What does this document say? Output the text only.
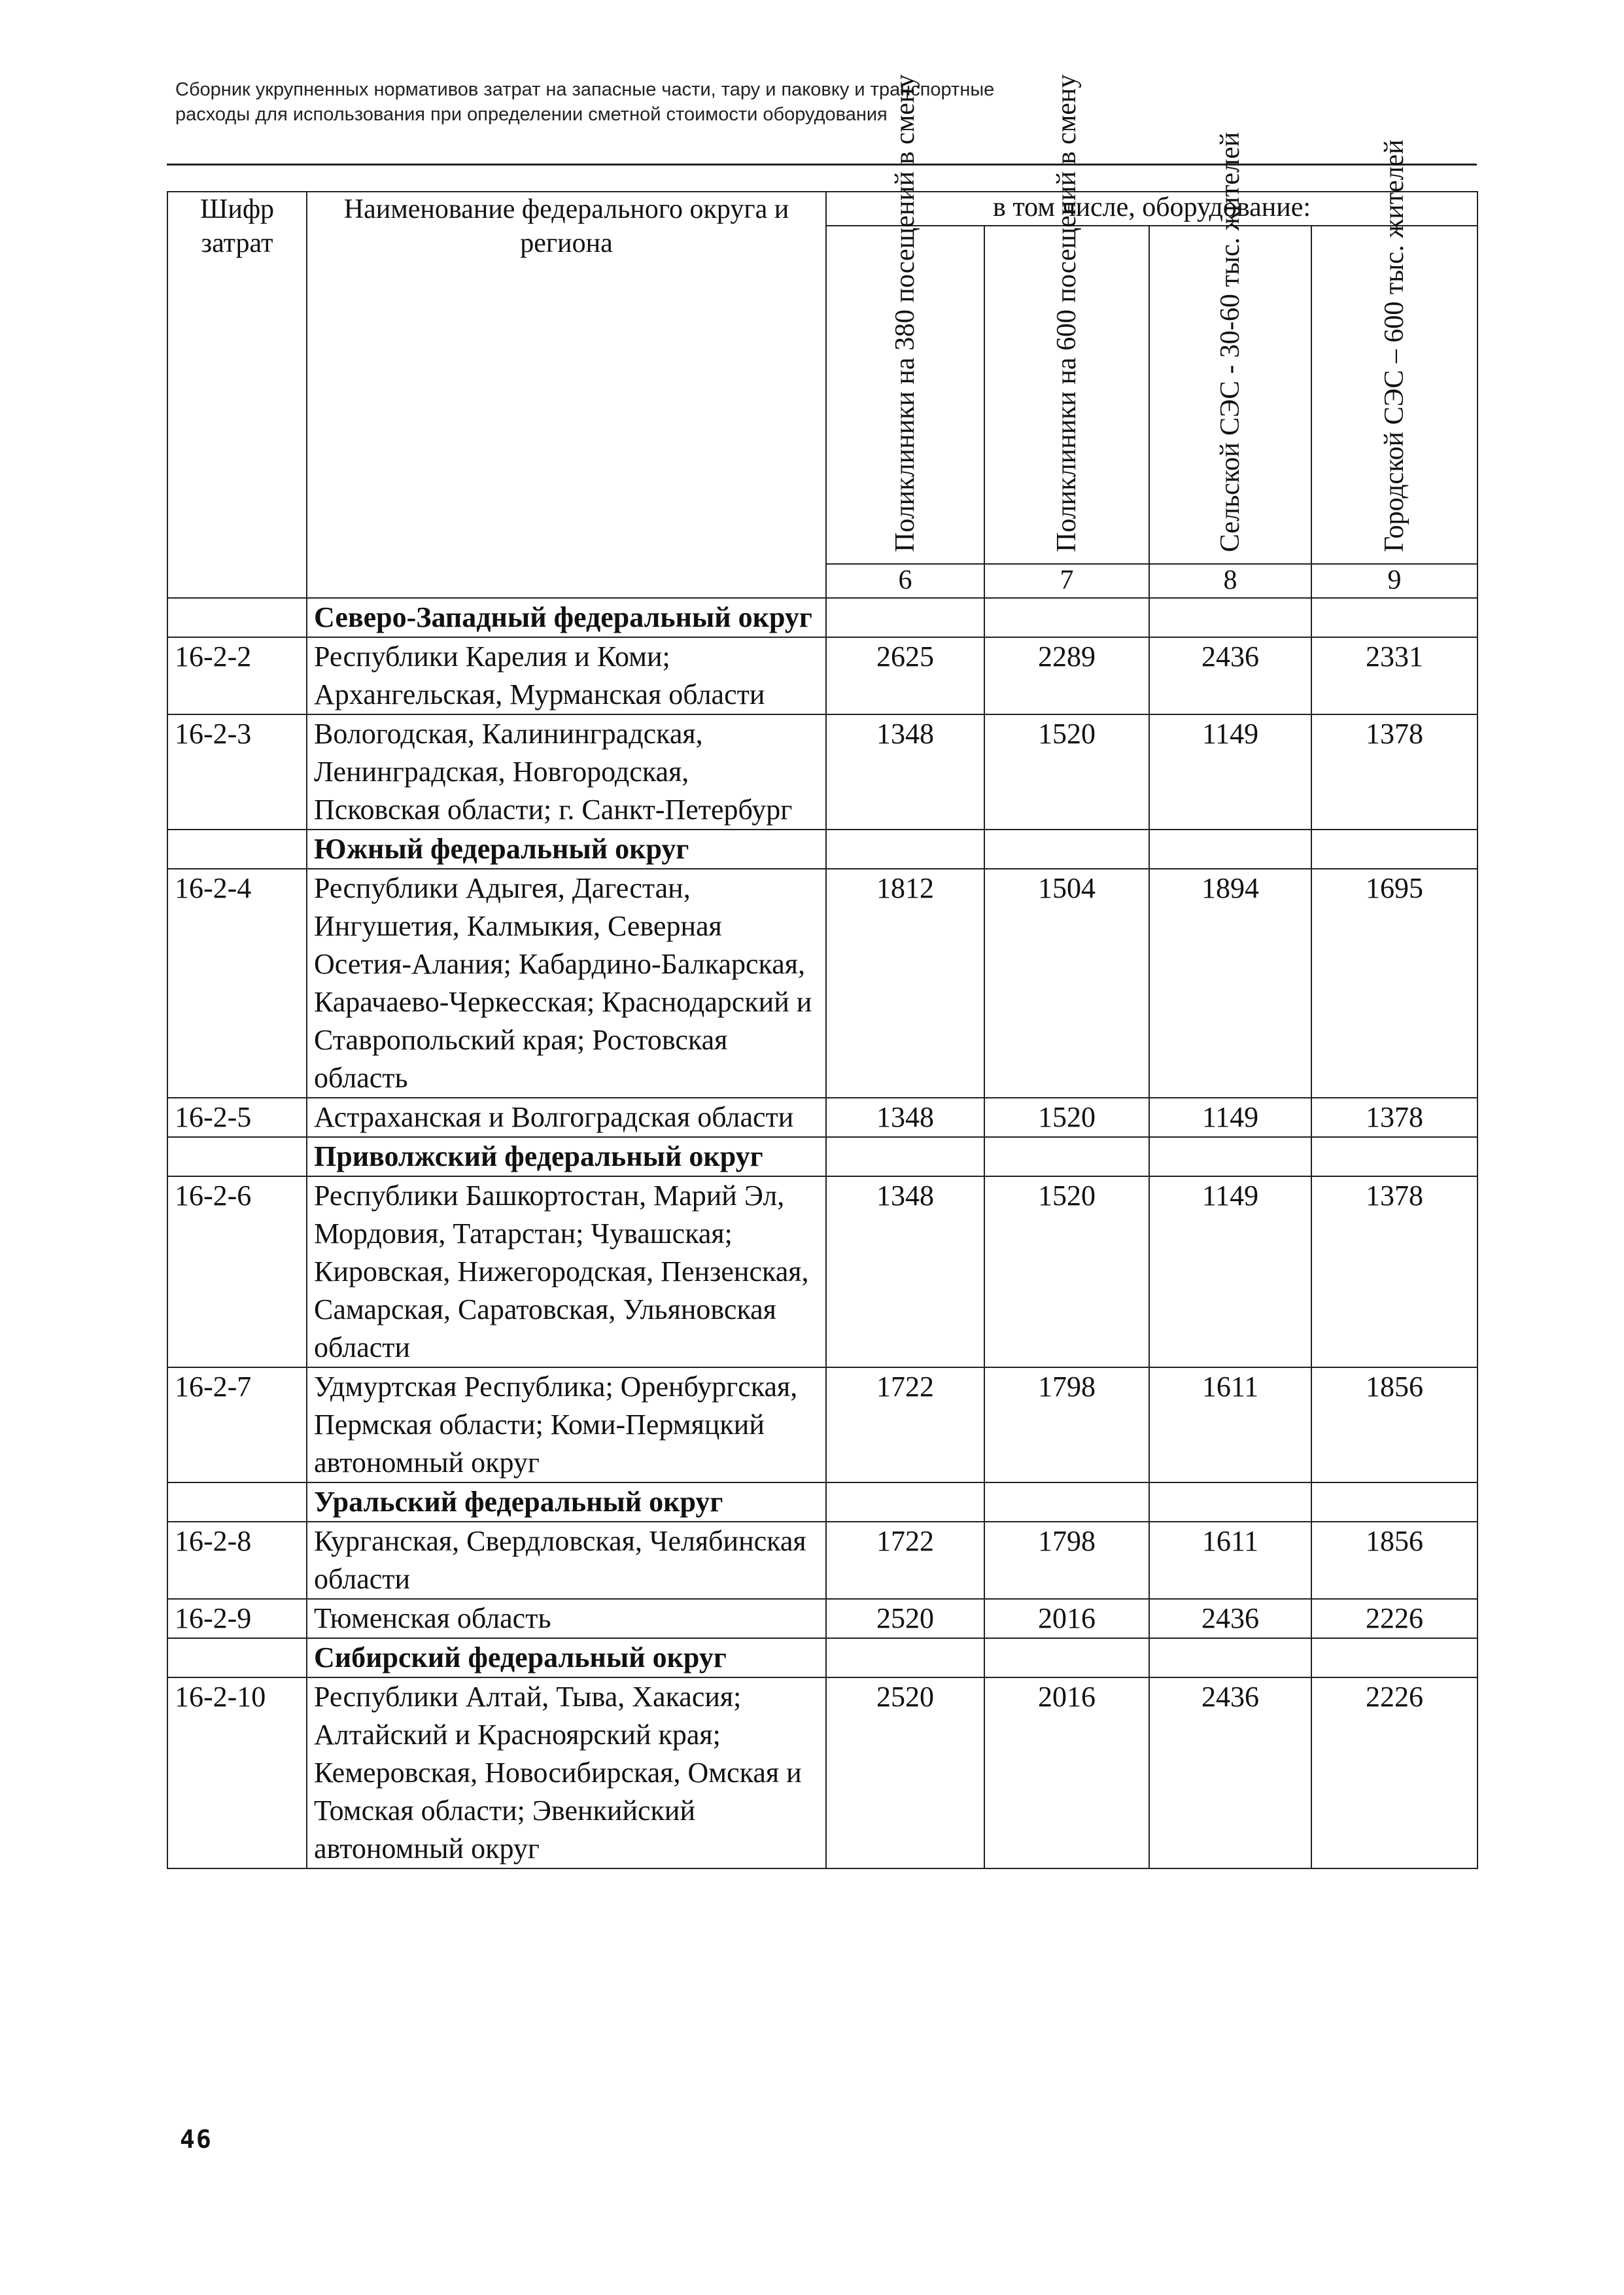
Сборник укрупненных нормативов затрат на запасные части, тару и паковку и транспортные
расходы для использования при определении сметной стоимости оборудования
Шифр затрат	Наименование федерального округа и региона	в том числе, оборудование:			

		Поликлиники на 380 посещений в смену	Поликлиники на 600 посещений в смену	Сельской СЭС - 30-60 тыс. жителей	Городской СЭС – 600 тыс. жителей

		6	7	8	9

	Северо-Западный федеральный округ				

16-2-2	Республики Карелия и Коми; Архангельская, Мурманская области	2625	2289	2436	2331
16-2-3	Вологодская, Калининградская, Ленинградская, Новгородская, Псковская области; г. Санкт-Петербург	1348	1520	1149	1378

	Южный федеральный округ				

16-2-4	Республики Адыгея, Дагестан, Ингушетия, Калмыкия, Северная Осетия-Алания; Кабардино-Балкарская, Карачаево-Черкесская; Краснодарский и Ставропольский края; Ростовская область	1812	1504	1894	1695
16-2-5	Астраханская и Волгоградская области	1348	1520	1149	1378

	Приволжский федеральный округ				

16-2-6	Республики Башкортостан, Марий Эл, Мордовия, Татарстан; Чувашская; Кировская, Нижегородская, Пензенская, Самарская, Саратовская, Ульяновская области	1348	1520	1149	1378
16-2-7	Удмуртская Республика; Оренбургская, Пермская области; Коми-Пермяцкий автономный округ	1722	1798	1611	1856

	Уральский федеральный округ				

16-2-8	Курганская, Свердловская, Челябинская области	1722	1798	1611	1856
16-2-9	Тюменская область	2520	2016	2436	2226

	Сибирский федеральный округ				

16-2-10	Республики Алтай, Тыва, Хакасия; Алтайский и Красноярский края; Кемеровская, Новосибирская, Омская и Томская области; Эвенкийский автономный округ	2520	2016	2436	2226
46
